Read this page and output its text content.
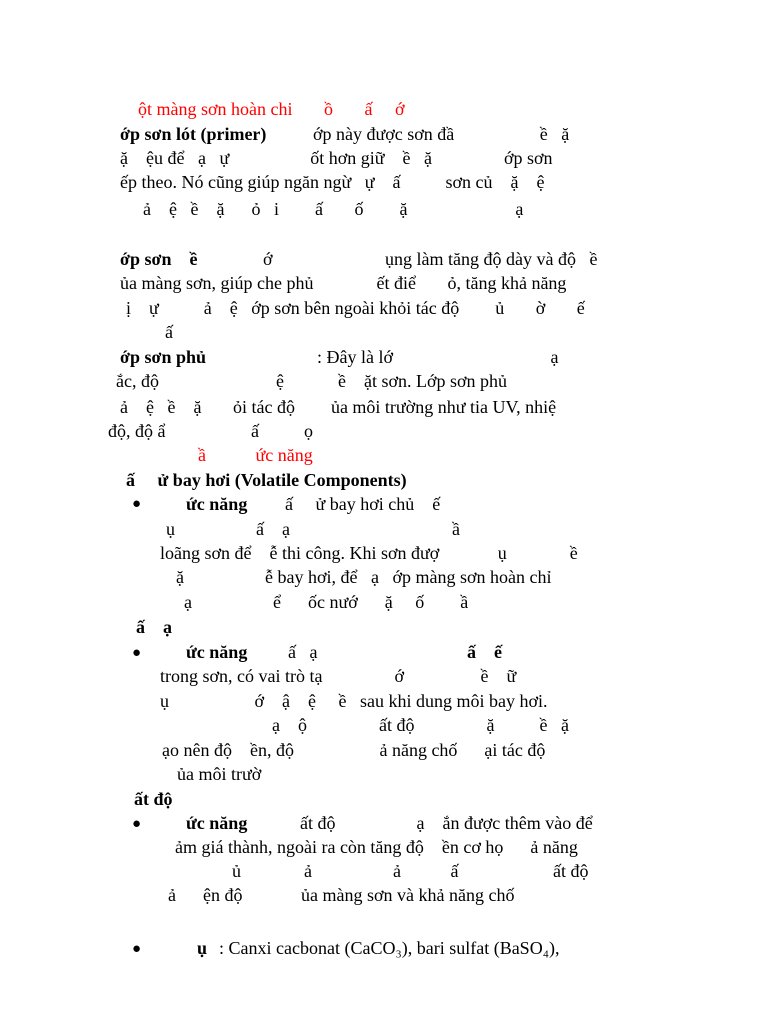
ột màng sơn hoàn chi       ồ       ấ     ớ
ớp sơn lót (primer)	ớp này được sơn đầ                   ề   ặ
ặ    ệu để   ạ   ự                  ốt hơn giữ    ề   ặ                ớp sơn
ếp theo. Nó cũng giúp ngăn ngừ   ự    ấ          sơn củ    ặ    ệ
ả    ệ   ề    ặ      ỏ   i        ấ       ố        ặ                        ạ
ớp sơn    ề	ớ	ụng làm tăng độ dày và độ   ề
ủa màng sơn, giúp che phủ              ết điể       ỏ, tăng khả năng
ị    ự          ả    ệ   ớp sơn bên ngoài khỏi tác độ        ủ       ờ       ế
ấ
ớp sơn phủ	: Đây là lớ                                   ạ
ắc, độ                          ệ            ề    ặt sơn. Lớp sơn phủ
ả    ệ   ề    ặ       ỏi tác độ        ủa môi trường như tia UV, nhiệ
độ, độ ẩ                   ấ          ọ
ầ           ức năng
ấ     ử bay hơi (Volatile Components)
● ức năng ấ     ử bay hơi chủ    ế
ụ                  ấ    ạ                                    ầ
loãng sơn để    ễ thi công. Khi sơn đượ             ụ              ề
ặ                  ễ bay hơi, để   ạ   ớp màng sơn hoàn chỉ
ạ                  ể      ốc nướ      ặ     ố        ầ
ấ    ạ
● ức năng ấ   ạ	ấ    ế
trong sơn, có vai trò tạ                ớ                 ề    ữ
ụ                   ớ    ậ    ệ     ề   sau khi dung môi bay hơi.
ạ    ộ                ất độ                ặ          ề   ặ
ạo nên độ    ền, độ                   ả năng chố      ại tác độ
ủa môi trườ
ất độ
● ức năng	ất độ                  ạ    ắn được thêm vào để
ảm giá thành, ngoài ra còn tăng độ    ền cơ họ      ả năng
ủ              ả                  ả           ấ                     ất độ
ả      ện độ             ủa màng sơn và khả năng chố
●	ụ : Canxi cacbonat (CaCO₃), bari sulfat (BaSO₄),
